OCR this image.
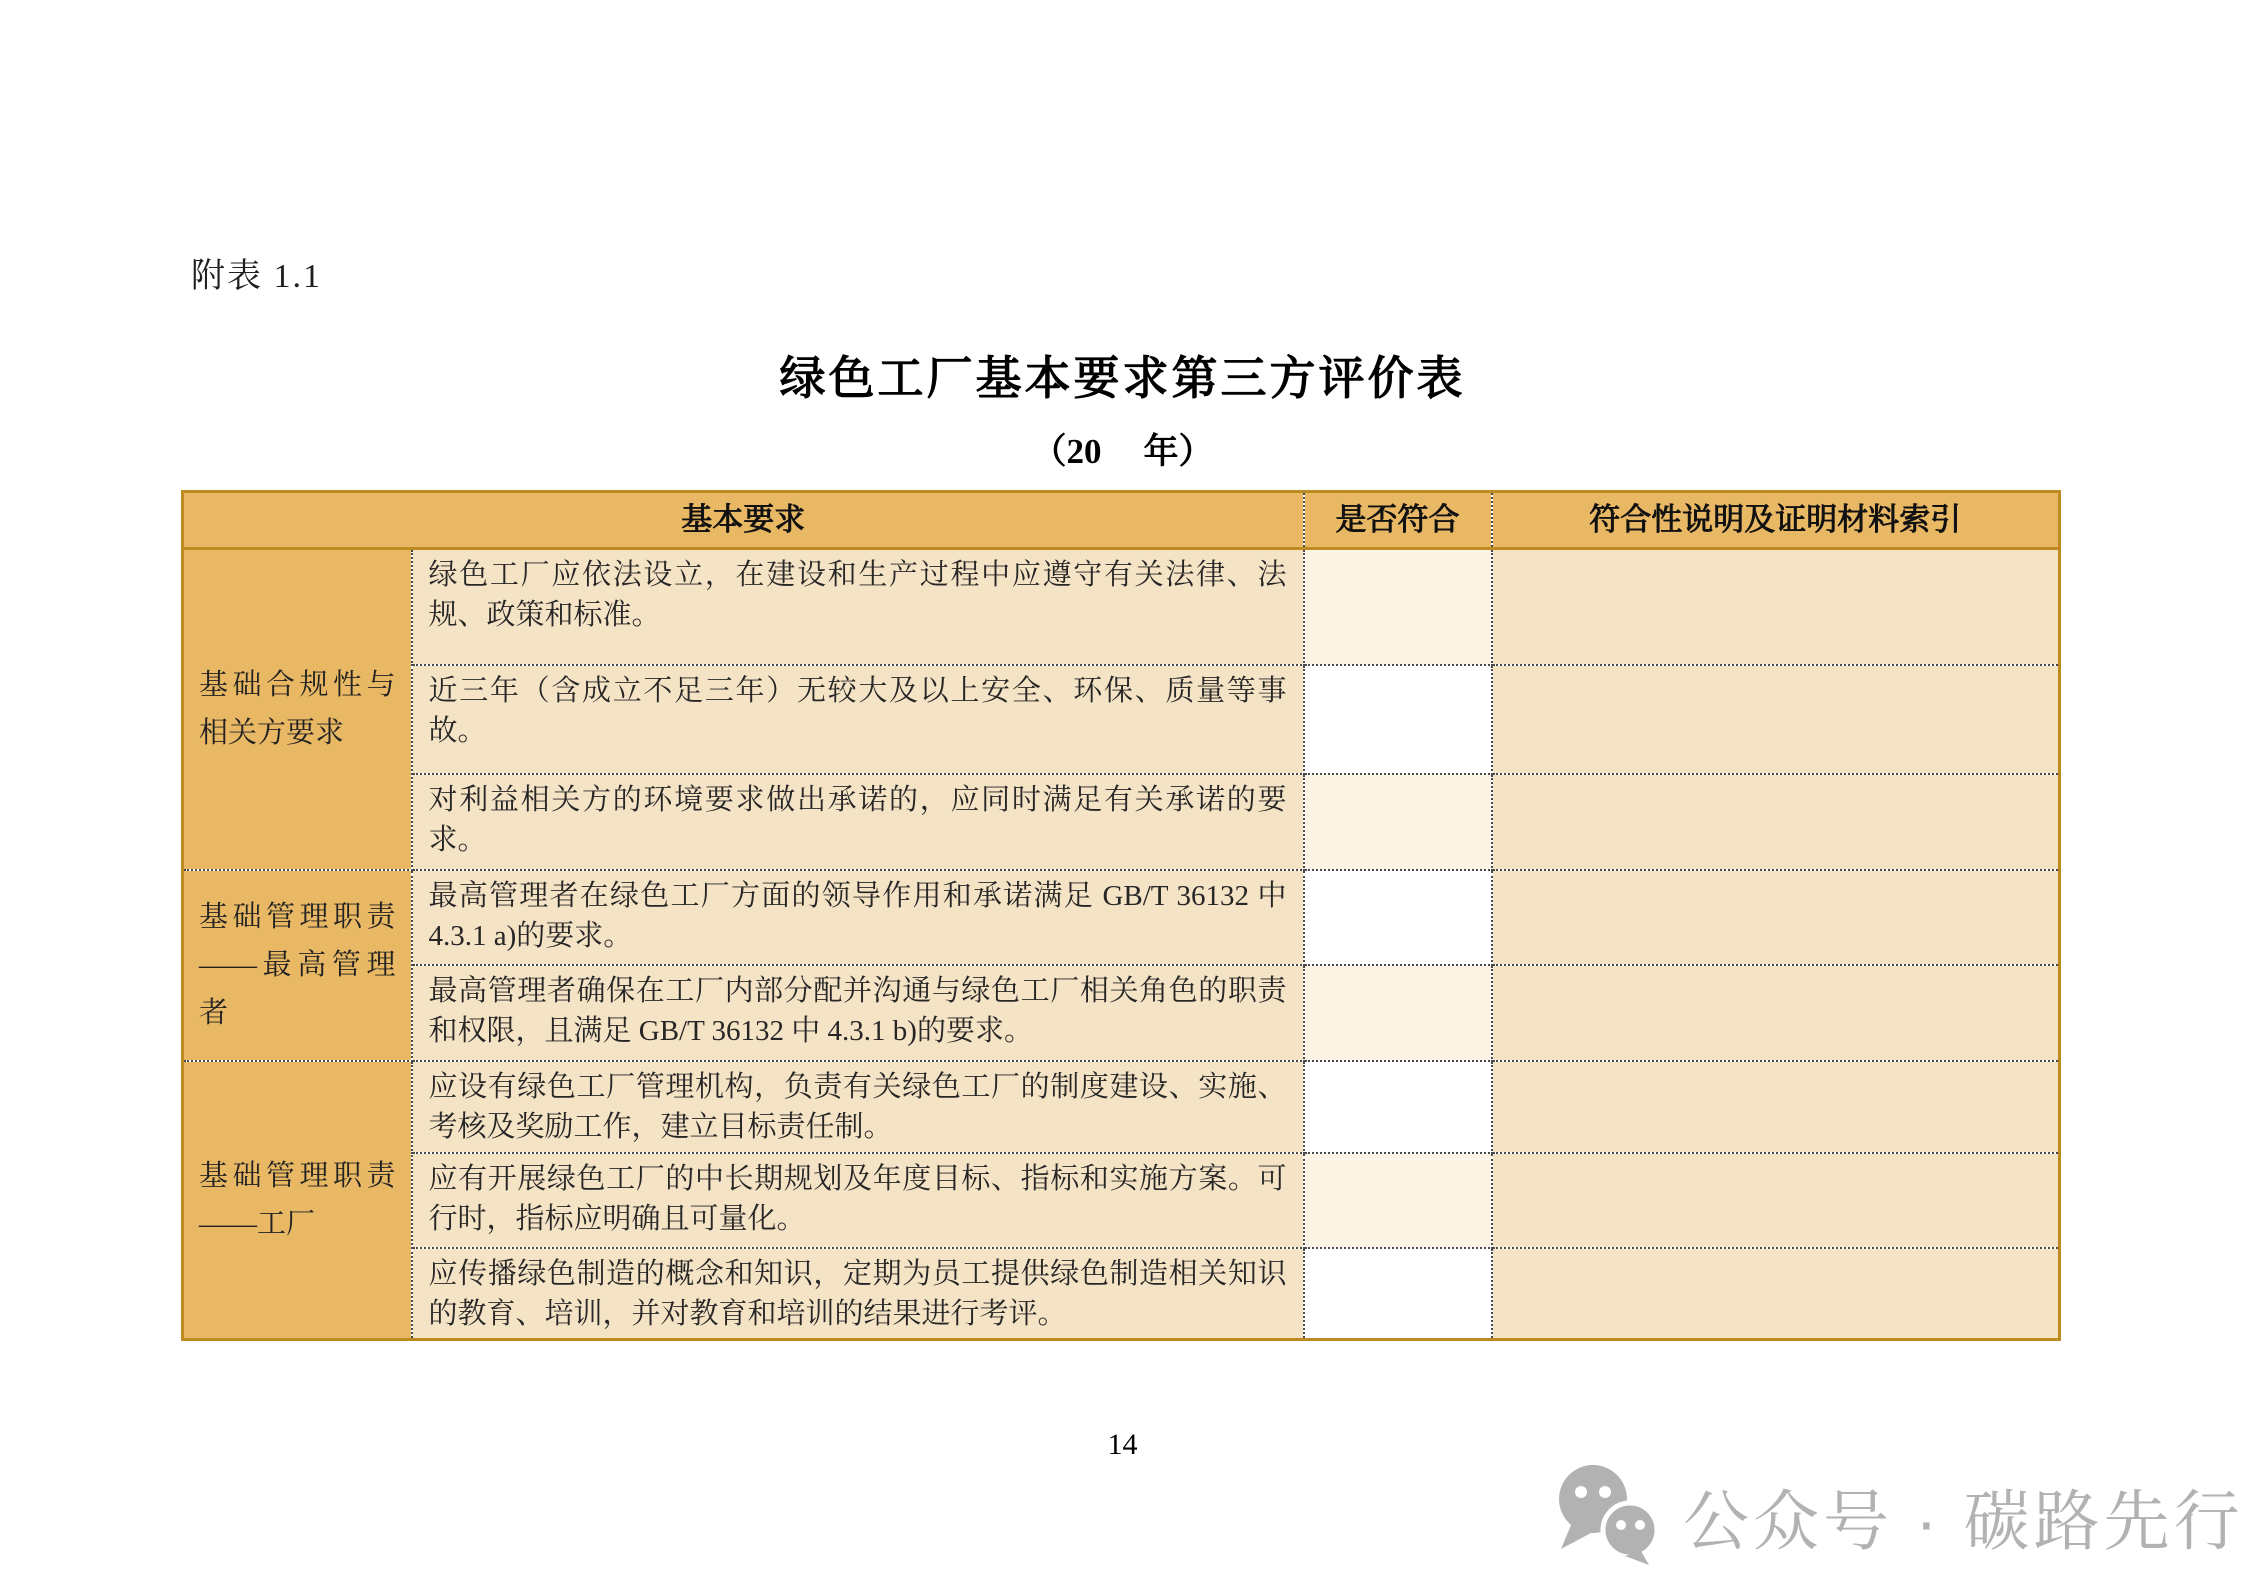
附表 1.1
绿色工厂基本要求第三方评价表
（20 年）
基本要求		是否符合	符合性说明及证明材料索引
基础合规性与相关方要求	绿色工厂应依法设立，在建设和生产过程中应遵守有关法律、法规、政策和标准。		
	近三年（含成立不足三年）无较大及以上安全、环保、质量等事故。		
	对利益相关方的环境要求做出承诺的，应同时满足有关承诺的要求。		
基础管理职责——最高管理者	最高管理者在绿色工厂方面的领导作用和承诺满足 GB/T 36132 中 4.3.1 a)的要求。		
	最高管理者确保在工厂内部分配并沟通与绿色工厂相关角色的职责和权限，且满足 GB/T 36132 中 4.3.1 b)的要求。		
基础管理职责——工厂	应设有绿色工厂管理机构，负责有关绿色工厂的制度建设、实施、考核及奖励工作，建立目标责任制。		
	应有开展绿色工厂的中长期规划及年度目标、指标和实施方案。可行时，指标应明确且可量化。		
	应传播绿色制造的概念和知识，定期为员工提供绿色制造相关知识的教育、培训，并对教育和培训的结果进行考评。		
14
公众号 · 碳路先行
